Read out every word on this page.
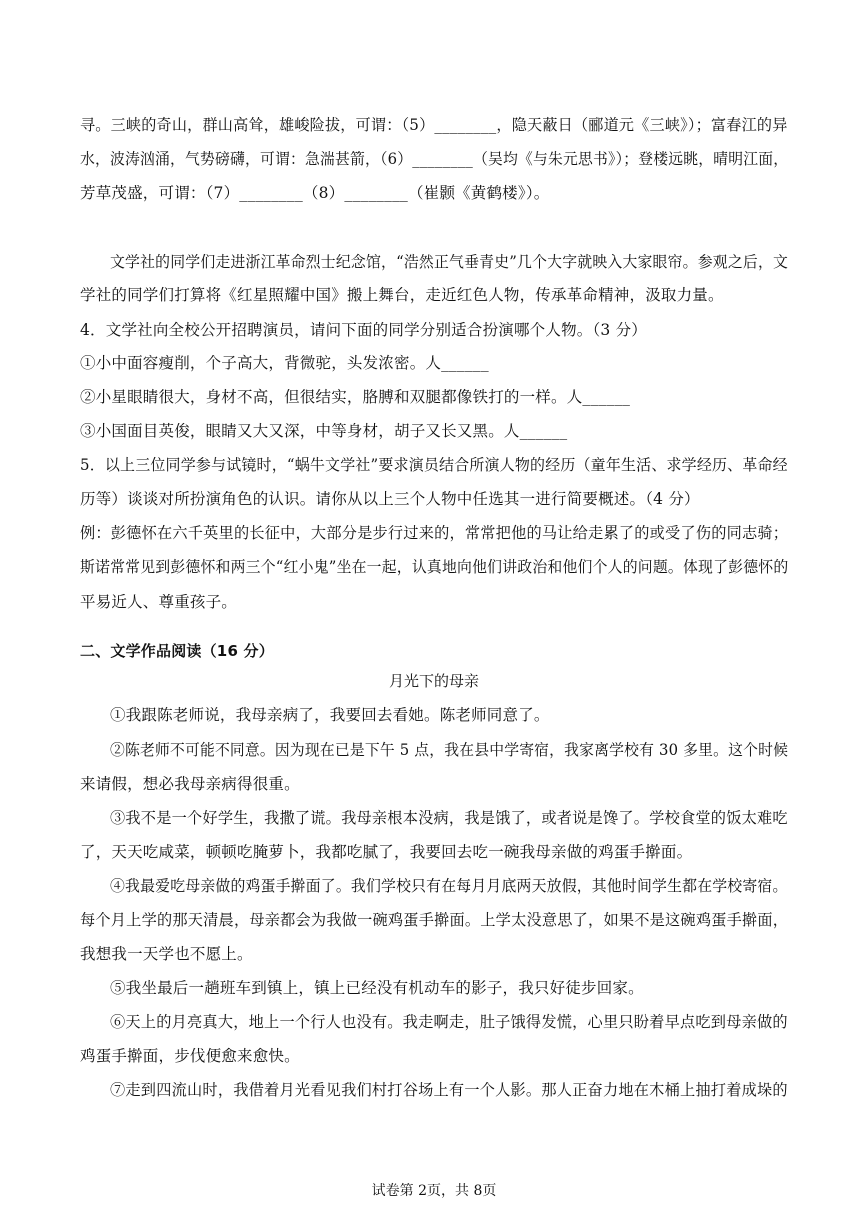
寻。三峡的奇山，群山高耸，雄峻险拔，可谓：（5）________，隐天蔽日（郦道元《三峡》）；富春江的异
水，波涛汹涌，气势磅礴，可谓：急湍甚箭，（6）________（吴均《与朱元思书》）；登楼远眺，晴明江面，
芳草茂盛，可谓：（7）________（8）________（崔颢《黄鹤楼》）。
文学社的同学们走进浙江革命烈士纪念馆，“浩然正气垂青史”几个大字就映入大家眼帘。参观之后，文
学社的同学们打算将《红星照耀中国》搬上舞台，走近红色人物，传承革命精神，汲取力量。
4．文学社向全校公开招聘演员，请问下面的同学分别适合扮演哪个人物。（3 分）
①小中面容瘦削，个子高大，背微驼，头发浓密。人______
②小星眼睛很大，身材不高，但很结实，胳膊和双腿都像铁打的一样。人______
③小国面目英俊，眼睛又大又深，中等身材，胡子又长又黑。人______
5．以上三位同学参与试镜时，“蜗牛文学社”要求演员结合所演人物的经历（童年生活、求学经历、革命经
历等）谈谈对所扮演角色的认识。请你从以上三个人物中任选其一进行简要概述。（4 分）
例：彭德怀在六千英里的长征中，大部分是步行过来的，常常把他的马让给走累了的或受了伤的同志骑；
斯诺常常见到彭德怀和两三个“红小鬼”坐在一起，认真地向他们讲政治和他们个人的问题。体现了彭德怀的
平易近人、尊重孩子。
二、文学作品阅读（16 分）
月光下的母亲
①我跟陈老师说，我母亲病了，我要回去看她。陈老师同意了。
②陈老师不可能不同意。因为现在已是下午 5 点，我在县中学寄宿，我家离学校有 30 多里。这个时候
来请假，想必我母亲病得很重。
③我不是一个好学生，我撒了谎。我母亲根本没病，我是饿了，或者说是馋了。学校食堂的饭太难吃
了，天天吃咸菜，顿顿吃腌萝卜，我都吃腻了，我要回去吃一碗我母亲做的鸡蛋手擀面。
④我最爱吃母亲做的鸡蛋手擀面了。我们学校只有在每月月底两天放假，其他时间学生都在学校寄宿。
每个月上学的那天清晨，母亲都会为我做一碗鸡蛋手擀面。上学太没意思了，如果不是这碗鸡蛋手擀面，
我想我一天学也不愿上。
⑤我坐最后一趟班车到镇上，镇上已经没有机动车的影子，我只好徒步回家。
⑥天上的月亮真大，地上一个行人也没有。我走啊走，肚子饿得发慌，心里只盼着早点吃到母亲做的
鸡蛋手擀面，步伐便愈来愈快。
⑦走到四流山时，我借着月光看见我们村打谷场上有一个人影。那人正奋力地在木桶上抽打着成垛的
试卷第 2页，共 8页
